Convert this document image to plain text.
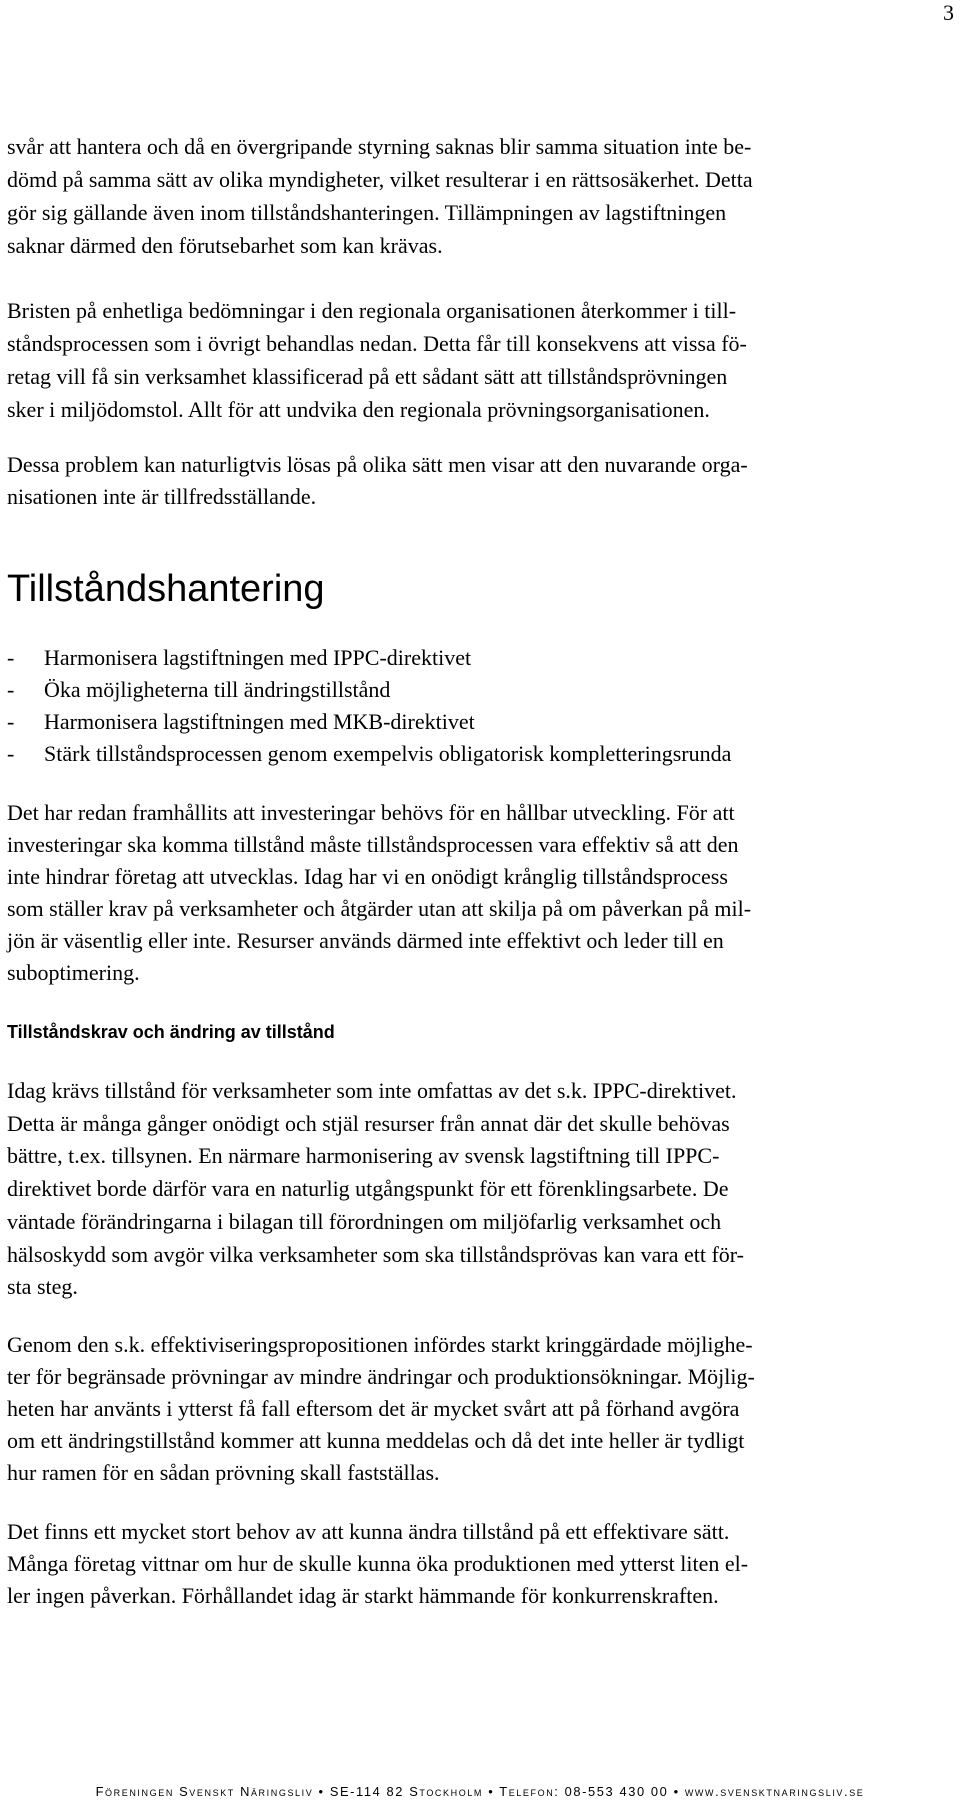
3
svår att hantera och då en övergripande styrning saknas blir samma situation inte be-
dömd på samma sätt av olika myndigheter, vilket resulterar i en rättsosäkerhet. Detta
gör sig gällande även inom tillståndshanteringen. Tillämpningen av lagstiftningen
saknar därmed den förutsebarhet som kan krävas.
Bristen på enhetliga bedömningar i den regionala organisationen återkommer i till-
ståndsprocessen som i övrigt behandlas nedan. Detta får till konsekvens att vissa fö-
retag vill få sin verksamhet klassificerad på ett sådant sätt att tillståndsprövningen
sker i miljödomstol. Allt för att undvika den regionala prövningsorganisationen.
Dessa problem kan naturligtvis lösas på olika sätt men visar att den nuvarande orga-
nisationen inte är tillfredsställande.
Tillståndshantering
- Harmonisera lagstiftningen med IPPC-direktivet
- Öka möjligheterna till ändringstillstånd
- Harmonisera lagstiftningen med MKB-direktivet
- Stärk tillståndsprocessen genom exempelvis obligatorisk kompletteringsrunda
Det har redan framhållits att investeringar behövs för en hållbar utveckling. För att
investeringar ska komma tillstånd måste tillståndsprocessen vara effektiv så att den
inte hindrar företag att utvecklas. Idag har vi en onödigt krånglig tillståndsprocess
som ställer krav på verksamheter och åtgärder utan att skilja på om påverkan på mil-
jön är väsentlig eller inte. Resurser används därmed inte effektivt och leder till en
suboptimering.
Tillståndskrav och ändring av tillstånd
Idag krävs tillstånd för verksamheter som inte omfattas av det s.k. IPPC-direktivet.
Detta är många gånger onödigt och stjäl resurser från annat där det skulle behövas
bättre, t.ex. tillsynen. En närmare harmonisering av svensk lagstiftning till IPPC-
direktivet borde därför vara en naturlig utgångspunkt för ett förenklingsarbete. De
väntade förändringarna i bilagan till förordningen om miljöfarlig verksamhet och
hälsoskydd som avgör vilka verksamheter som ska tillståndsprövas kan vara ett för-
sta steg.
Genom den s.k. effektiviseringspropositionen infördes starkt kringgärdade möjlighe-
ter för begränsade prövningar av mindre ändringar och produktionsökningar. Möjlig-
heten har använts i ytterst få fall eftersom det är mycket svårt att på förhand avgöra
om ett ändringstillstånd kommer att kunna meddelas och då det inte heller är tydligt
hur ramen för en sådan prövning skall fastställas.
Det finns ett mycket stort behov av att kunna ändra tillstånd på ett effektivare sätt.
Många företag vittnar om hur de skulle kunna öka produktionen med ytterst liten el-
ler ingen påverkan. Förhållandet idag är starkt hämmande för konkurrenskraften.
Föreningen Svenskt Näringsliv • SE-114 82 Stockholm • Telefon: 08-553 430 00 • www.svensktnaringsliv.se
